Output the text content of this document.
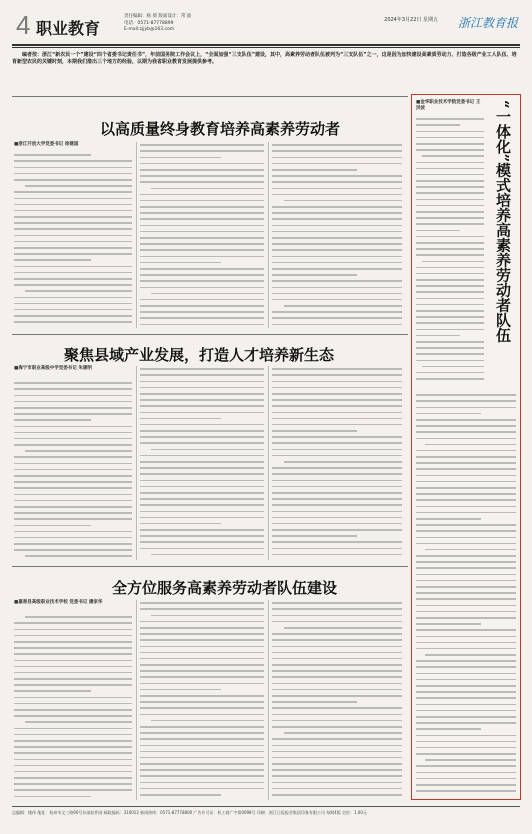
4 职业教育
责任编辑：杨 倩 版面设计：常 波
电话：0571-87778899
E-mail:zjjyb@163.com
2024年3月22日 星期五 浙江教育报
编者按：浙江“新农民一个”建设“四个省委书记责任书”，年前国务院工作会议上，“全面加强“三支队伍”建设，其中，高素养劳动者队伍被列为“三支队伍”之一，这是因为加快建设高素质劳动力、打造各级产业工人队伍、培育新型农民的关键时刻，本期我们推出三个地方的经验，以期为我省职业教育发展提供参考。
以高质量终身教育培养高素养劳动者
■浙江开放大学党委书记 徐建国
聚焦县域产业发展，打造人才培养新生态
■海宁市职业高级中学党委书记 朱建明
全方位服务高素养劳动者队伍建设
■嘉善县高级职业技术学校 党委书记 潘家华
“一体化”模式培养高素养劳动者队伍
■金华职业技术学院党委书记 王洪波
总编辑：楼伟 地址：杭州市文三路90号东部软件园 邮政编码：310012 新闻热线：0571-87778800 广告许可证：杭工商广字第0098号 印刷：浙江日报报业集团印务有限公司 每期4版 定价：1.00元
